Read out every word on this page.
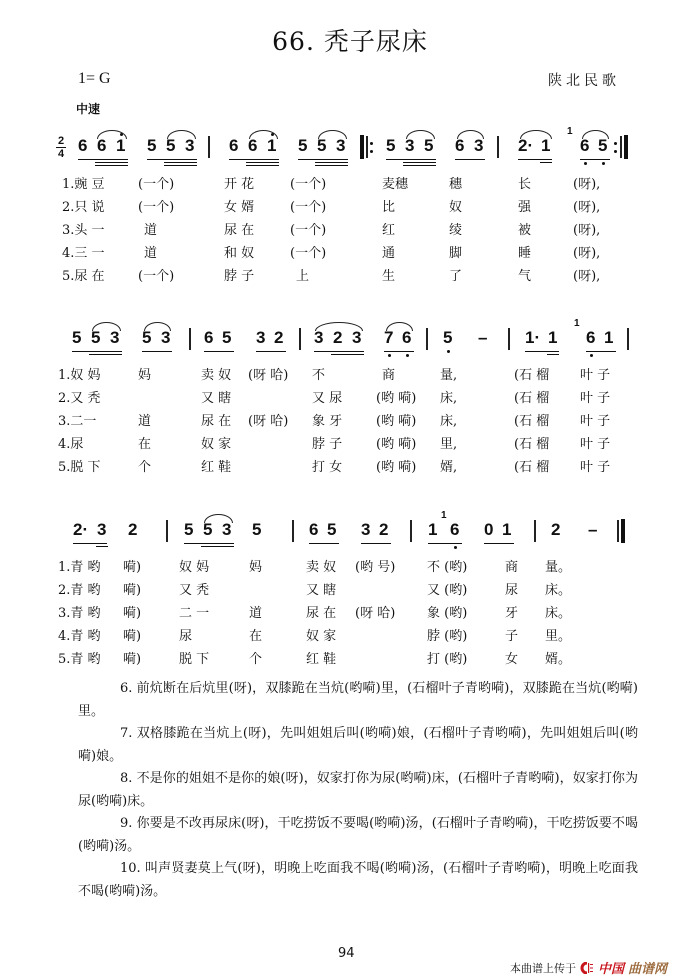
66. 秃子尿床
1= G	陕北民歌
中速
2
4 6 6 1 5 5 3 6 6 1 5 5 3 5 3 5 6 3 2· 1
1
6 5
1.豌 豆	(一个)	开 花	(一个)	麦穗	穗	长	(呀),
2.只 说	(一个)	女 婿	(一个)	比	奴	强	(呀),
3.头 一	道	尿 在	(一个)	红	绫	被	(呀),
4.三 一	道	和 奴	(一个)	通	脚	睡	(呀),
5.尿 在	(一个)	脖 子	上	生	了	气	(呀),
5 5 3 5 3 6 5 3 2 3 2 3 7 6 5 – 1· 1
1
6 1
1.奴 妈	妈	卖 奴 (呀 哈) 不	商	量,	(石 榴 叶 子
2.又 秃	又 瞎	又 尿	(哟 嗬) 床,	(石 榴 叶 子
3.二一	道	尿 在 (呀 哈) 象 牙	(哟 嗬) 床,	(石 榴 叶 子
4.尿	在	奴 家	脖 子	(哟 嗬) 里,	(石 榴 叶 子
5.脱 下	个	红 鞋	打 女	(哟 嗬) 婿,	(石 榴 叶 子
2· 3 2	5 5 3 5	6 5 3 2 1
1
6 0 1 2 –
1.青 哟 嗬)	奴 妈	妈	卖 奴 (哟 号) 不 (哟)	商 量。
2.青 哟 嗬)	又 秃	又 瞎	又 (哟)	尿 床。
3.青 哟 嗬)	二 一	道	尿 在 (呀 哈) 象 (哟)	牙 床。
4.青 哟 嗬)	尿	在	奴 家	脖 (哟)	子 里。
5.青 哟 嗬)	脱 下	个	红 鞋	打 (哟)	女 婿。

6. 前炕断在后炕里(呀)，双膝跪在当炕(哟嗬)里，(石榴叶子青哟嗬)，双膝跪在当炕(哟嗬)里。

7. 双格膝跪在当炕上(呀)，先叫姐姐后叫(哟嗬)娘，(石榴叶子青哟嗬)，先叫姐姐后叫(哟嗬)娘。

8. 不是你的姐姐不是你的娘(呀)，奴家打你为尿(哟嗬)床，(石榴叶子青哟嗬)，奴家打你为尿(哟嗬)床。

9. 你要是不改再尿床(呀)，干吃捞饭不要喝(哟嗬)汤，(石榴叶子青哟嗬)，干吃捞饭要不喝 (哟嗬)汤。

10. 叫声贤妻莫上气(呀)，明晚上吃面我不喝(哟嗬)汤，(石榴叶子青哟嗬)，明晚上吃面我不喝(哟嗬)汤。

94
本曲谱上传于 中国 曲谱网
